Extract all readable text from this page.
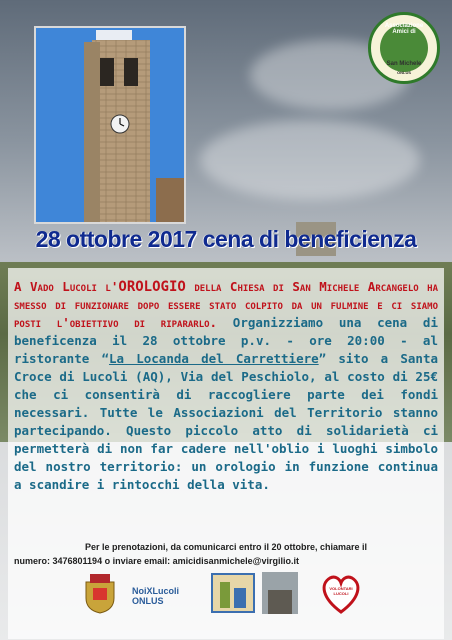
Associazione Amici di
San Michele
ONLUS
28 ottobre 2017 cena di beneficienza
A Vado Lucoli l'OROLOGIO della Chiesa di San Michele Arcangelo ha smesso di funzionare dopo essere stato colpito da un fulmine e ci siamo posti l'obiettivo di ripararlo. Organizziamo una cena di beneficenza il 28 ottobre p.v. - ore 20:00 - al ristorante “La Locanda del Carrettiere” sito a Santa Croce di Lucoli (AQ), Via del Peschiolo, al costo di 25€ che ci consentirà di raccogliere parte dei fondi necessari. Tutte le Associazioni del Territorio stanno partecipando. Questo piccolo atto di solidarietà ci permetterà di non far cadere nell'oblio i luoghi simbolo del nostro territorio: un orologio in funzione continua a scandire i rintocchi della vita.
Per le prenotazioni, da comunicarci entro il 20 ottobre, chiamare il
numero: 3476801194 o inviare email: amicidisanmichele@virgilio.it
NoiXLucoli ONLUS
VOLONTARI LUCOLI
